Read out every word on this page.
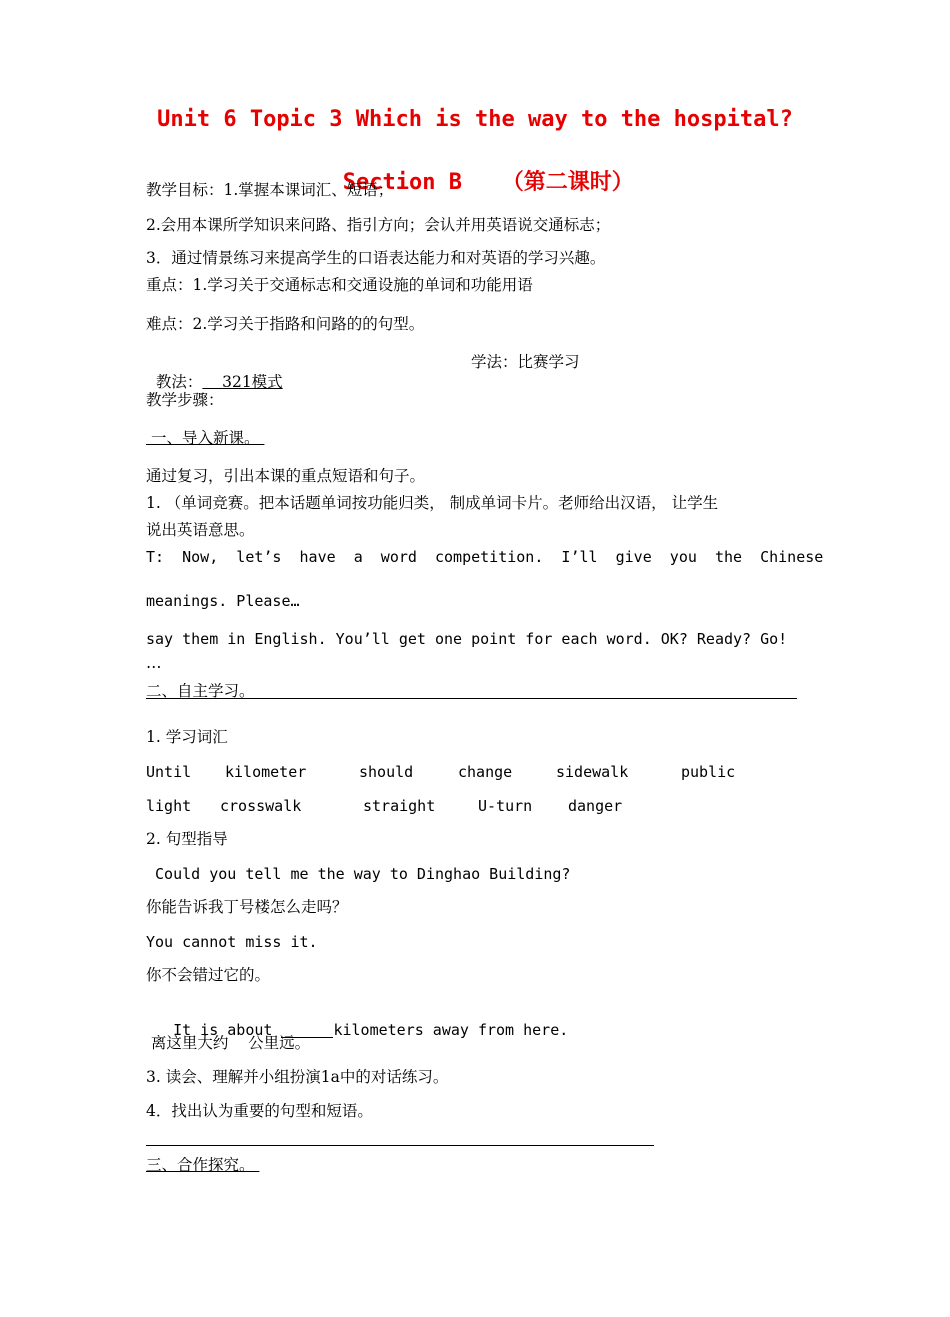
Unit 6 Topic 3 Which is the way to the hospital?

Section B （第二课时）

教学目标：1.掌握本课词汇、短语；
2.会用本课所学知识来问路、指引方向；会认并用英语说交通标志；
3．通过情景练习来提高学生的口语表达能力和对英语的学习兴趣。
重点：1.学习关于交通标志和交通设施的单词和功能用语
难点：2.学习关于指路和问路的的句型。

教法： 321模式

学法：比赛学习
教学步骤：
一、导入新课。
通过复习，引出本课的重点短语和句子。
1. （单词竞赛。把本话题单词按功能归类， 制成单词卡片。老师给出汉语， 让学生
说出英语意思。
T:  Now,  let’s  have  a  word  competition.  I’ll  give  you  the  Chinese
meanings. Please…
say them in English. You’ll get one point for each word. OK? Ready? Go!
…
二、自主学习。
1. 学习词汇
Until kilometer	should	change	sidewalk	public
light crosswalk	straight	U-turn danger
2. 句型指导
Could you tell me the way to Dinghao Building?
你能告诉我丁号楼怎么走吗？
You cannot miss it.
你不会错过它的。

It is about	kilometers away from here.

离这里大约    公里远。
3. 读会、理解并小组扮演1a中的对话练习。
4．找出认为重要的句型和短语。
三、合作探究。
